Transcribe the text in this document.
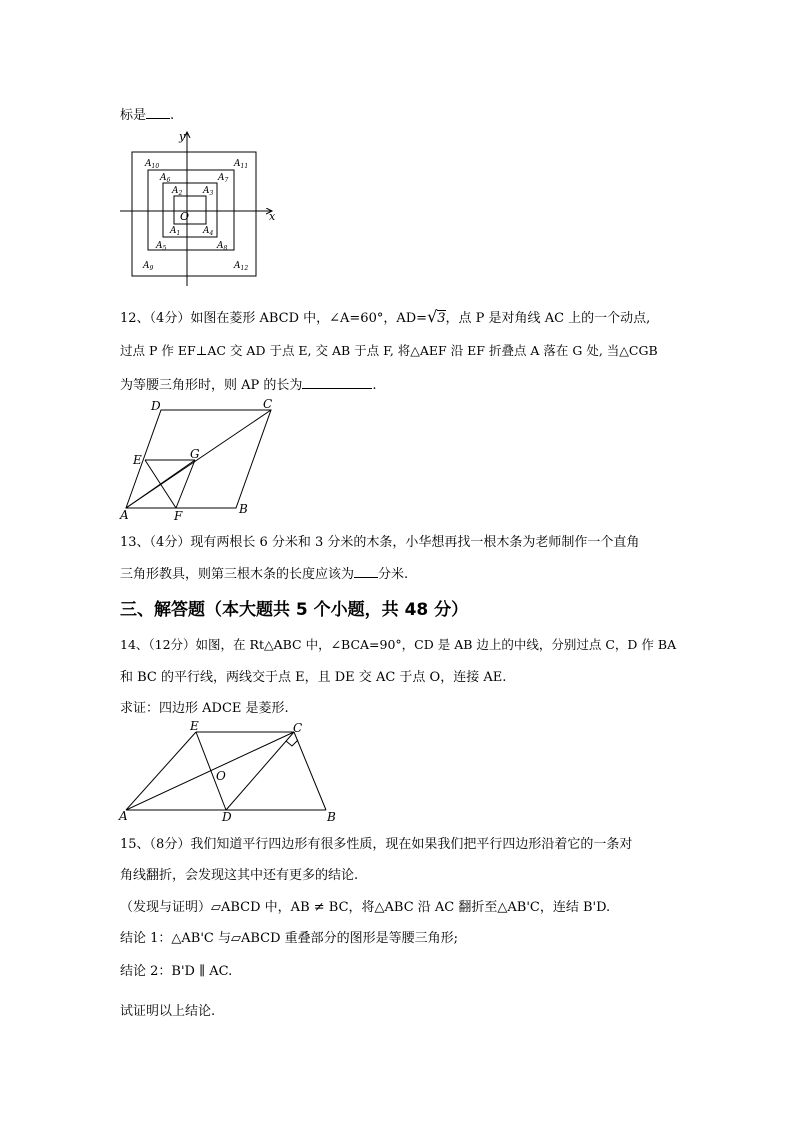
标是 .
y
x
O
$A_{10}$	$A_{11}$
$A_6$	$A_7$
$A_2$ $A_3$
$A_1$	$A_4$
$A_5$	$A_8$
$A_9$	$A_{12}$
12、（4分）如图在菱形 ABCD 中，∠A=60°，AD=√3，点 P 是对角线 AC 上的一个动点,
过点 P 作 EF⊥AC 交 AD 于点 E, 交 AB 于点 F, 将△AEF 沿 EF 折叠点 A 落在 G 处, 当△CGB
为等腰三角形时，则 AP 的长为	.
D	C
E	G
A	F	B
13、（4分）现有两根长 6 分米和 3 分米的木条，小华想再找一根木条为老师制作一个直角
三角形教具，则第三根木条的长度应该为 分米.
三、解答题（本大题共 5 个小题，共 48 分）
14、（12分）如图，在 Rt△ABC 中，∠BCA=90°，CD 是 AB 边上的中线，分别过点 C，D 作 BA
和 BC 的平行线，两线交于点 E，且 DE 交 AC 于点 O，连接 AE.
求证：四边形 ADCE 是菱形.
E	C
O
A	D	B
15、（8分）我们知道平行四边形有很多性质，现在如果我们把平行四边形沿着它的一条对
角线翻折，会发现这其中还有更多的结论.
（发现与证明）▱ABCD 中，AB ≠ BC，将△ABC 沿 AC 翻折至△AB'C，连结 B'D.
结论 1：△AB'C 与▱ABCD 重叠部分的图形是等腰三角形;
结论 2：B'D ∥ AC.
试证明以上结论.
